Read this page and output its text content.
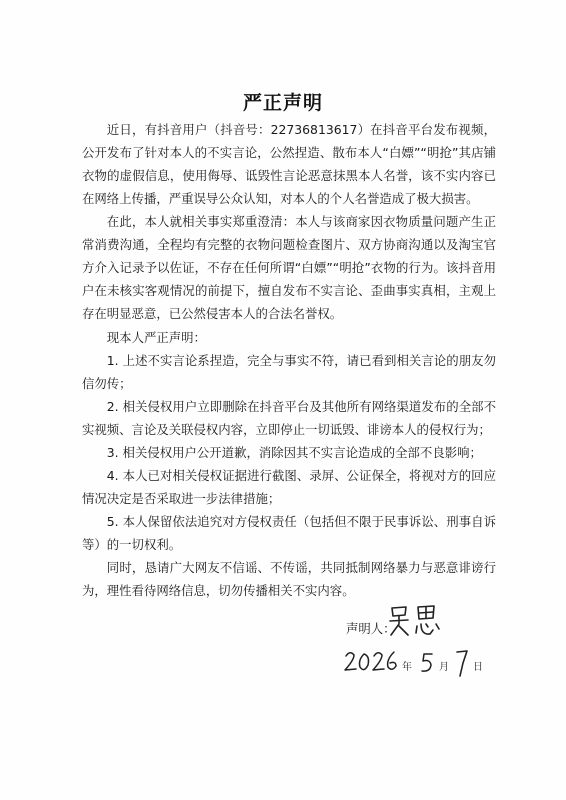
严正声明

近日，有抖音用户（抖音号：22736813617）在抖音平台发布视频，公开发布了针对本人的不实言论，公然捏造、散布本人“白嫖”“明抢”其店铺衣物的虚假信息，使用侮辱、诋毁性言论恶意抹黑本人名誉，该不实内容已在网络上传播，严重误导公众认知，对本人的个人名誉造成了极大损害。

在此，本人就相关事实郑重澄清：本人与该商家因衣物质量问题产生正常消费沟通，全程均有完整的衣物问题检查图片、双方协商沟通以及淘宝官方介入记录予以佐证，不存在任何所谓“白嫖”“明抢”衣物的行为。该抖音用户在未核实客观情况的前提下，擅自发布不实言论、歪曲事实真相，主观上存在明显恶意，已公然侵害本人的合法名誉权。

现本人严正声明：

1. 上述不实言论系捏造，完全与事实不符，请已看到相关言论的朋友勿信勿传；

2. 相关侵权用户立即删除在抖音平台及其他所有网络渠道发布的全部不实视频、言论及关联侵权内容，立即停止一切诋毁、诽谤本人的侵权行为；

3. 相关侵权用户公开道歉，消除因其不实言论造成的全部不良影响；

4. 本人已对相关侵权证据进行截图、录屏、公证保全，将视对方的回应情况决定是否采取进一步法律措施；

5. 本人保留依法追究对方侵权责任（包括但不限于民事诉讼、刑事自诉等）的一切权利。

同时，恳请广大网友不信谣、不传谣，共同抵制网络暴力与恶意诽谤行为，理性看待网络信息，切勿传播相关不实内容。

声明人：
年	月 日
